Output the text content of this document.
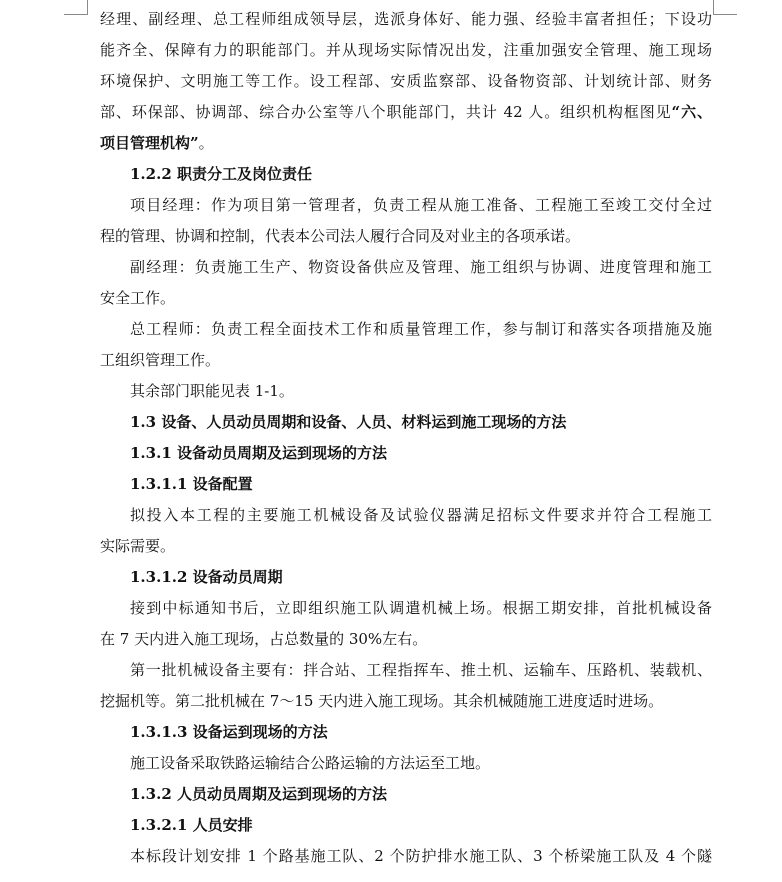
经理、副经理、总工程师组成领导层，选派身体好、能力强、经验丰富者担任；下设功
能齐全、保障有力的职能部门。并从现场实际情况出发，注重加强安全管理、施工现场
环境保护、文明施工等工作。设工程部、安质监察部、设备物资部、计划统计部、财务
部、环保部、协调部、综合办公室等八个职能部门，共计 42 人。组织机构框图见“六、
项目管理机构”。
1.2.2 职责分工及岗位责任
项目经理：作为项目第一管理者，负责工程从施工准备、工程施工至竣工交付全过
程的管理、协调和控制，代表本公司法人履行合同及对业主的各项承诺。
副经理：负责施工生产、物资设备供应及管理、施工组织与协调、进度管理和施工
安全工作。
总工程师：负责工程全面技术工作和质量管理工作，参与制订和落实各项措施及施
工组织管理工作。
其余部门职能见表 1-1。
1.3 设备、人员动员周期和设备、人员、材料运到施工现场的方法
1.3.1 设备动员周期及运到现场的方法
1.3.1.1 设备配置
拟投入本工程的主要施工机械设备及试验仪器满足招标文件要求并符合工程施工
实际需要。
1.3.1.2 设备动员周期
接到中标通知书后，立即组织施工队调遣机械上场。根据工期安排，首批机械设备
在 7 天内进入施工现场，占总数量的 30%左右。
第一批机械设备主要有：拌合站、工程指挥车、推土机、运输车、压路机、装载机、
挖掘机等。第二批机械在 7～15 天内进入施工现场。其余机械随施工进度适时进场。
1.3.1.3 设备运到现场的方法
施工设备采取铁路运输结合公路运输的方法运至工地。
1.3.2 人员动员周期及运到现场的方法
1.3.2.1 人员安排
本标段计划安排 1 个路基施工队、2 个防护排水施工队、3 个桥梁施工队及 4 个隧
